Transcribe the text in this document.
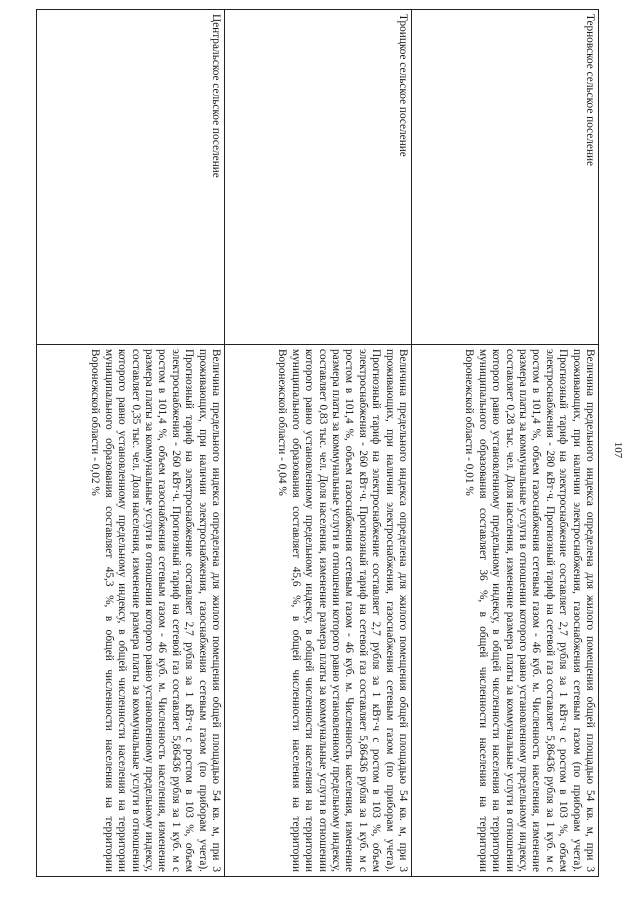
107
Терновское сельское поселение	Величина предельного индекса определена для жилого помещения общей площадью 54 кв. м, при 3 проживающих, при наличии электроснабжения, газоснабжения сетевым газом (по приборам учета). Прогнозный тариф на электроснабжение составляет 2,7 рубля за 1 кВт·ч с ростом в 103 %, объем электроснабжения - 280 кВт·ч. Прогнозный тариф на сетевой газ составляет 5,86436 рубля за 1 куб. м с ростом в 101,4 %, объем газоснабжения сетевым газом - 46 куб. м. Численность населения, изменение размера платы за коммунальные услуги в отношении которого равно установленному предельному индексу, составляет 0,28 тыс. чел. Доля населения, изменение размера платы за коммунальные услуги в отношении которого равно установленному предельному индексу, в общей численности населения на территории муниципального образования составляет 36 %, в общей численности населения на территории Воронежской области - 0,01 %
Троицкое сельское поселение	Величина предельного индекса определена для жилого помещения общей площадью 54 кв. м, при 3 проживающих, при наличии электроснабжения, газоснабжения сетевым газом (по приборам учета). Прогнозный тариф на электроснабжение составляет 2,7 рубля за 1 кВт·ч с ростом в 103 %, объем электроснабжения - 260 кВт·ч. Прогнозный тариф на сетевой газ составляет 5,86436 рубля за 1 куб. м с ростом в 101,4 %, объем газоснабжения сетевым газом - 46 куб. м. Численность населения, изменение размера платы за коммунальные услуги в отношении которого равно установленному предельному индексу, составляет 0,83 тыс. чел. Доля населения, изменение размера платы за коммунальные услуги в отношении которого равно установленному предельному индексу, в общей численности населения на территории муниципального образования составляет 45,6 %, в общей численности населения на территории Воронежской области - 0,04 %
Центральское сельское поселение	Величина предельного индекса определена для жилого помещения общей площадью 54 кв. м, при 3 проживающих, при наличии электроснабжения, газоснабжения сетевым газом (по приборам учета). Прогнозный тариф на электроснабжение составляет 2,7 рубля за 1 кВт·ч с ростом в 103 %, объем электроснабжения - 260 кВт·ч. Прогнозный тариф на сетевой газ составляет 5,86436 рубля за 1 куб. м с ростом в 101,4 %, объем газоснабжения сетевым газом - 46 куб. м. Численность населения, изменение размера платы за коммунальные услуги в отношении которого равно установленному предельному индексу, составляет 0,35 тыс. чел. Доля населения, изменение размера платы за коммунальные услуги в отношении которого равно установленному предельному индексу, в общей численности населения на территории муниципального образования составляет 45,3 %, в общей численности населения на территории Воронежской области - 0,02 %
